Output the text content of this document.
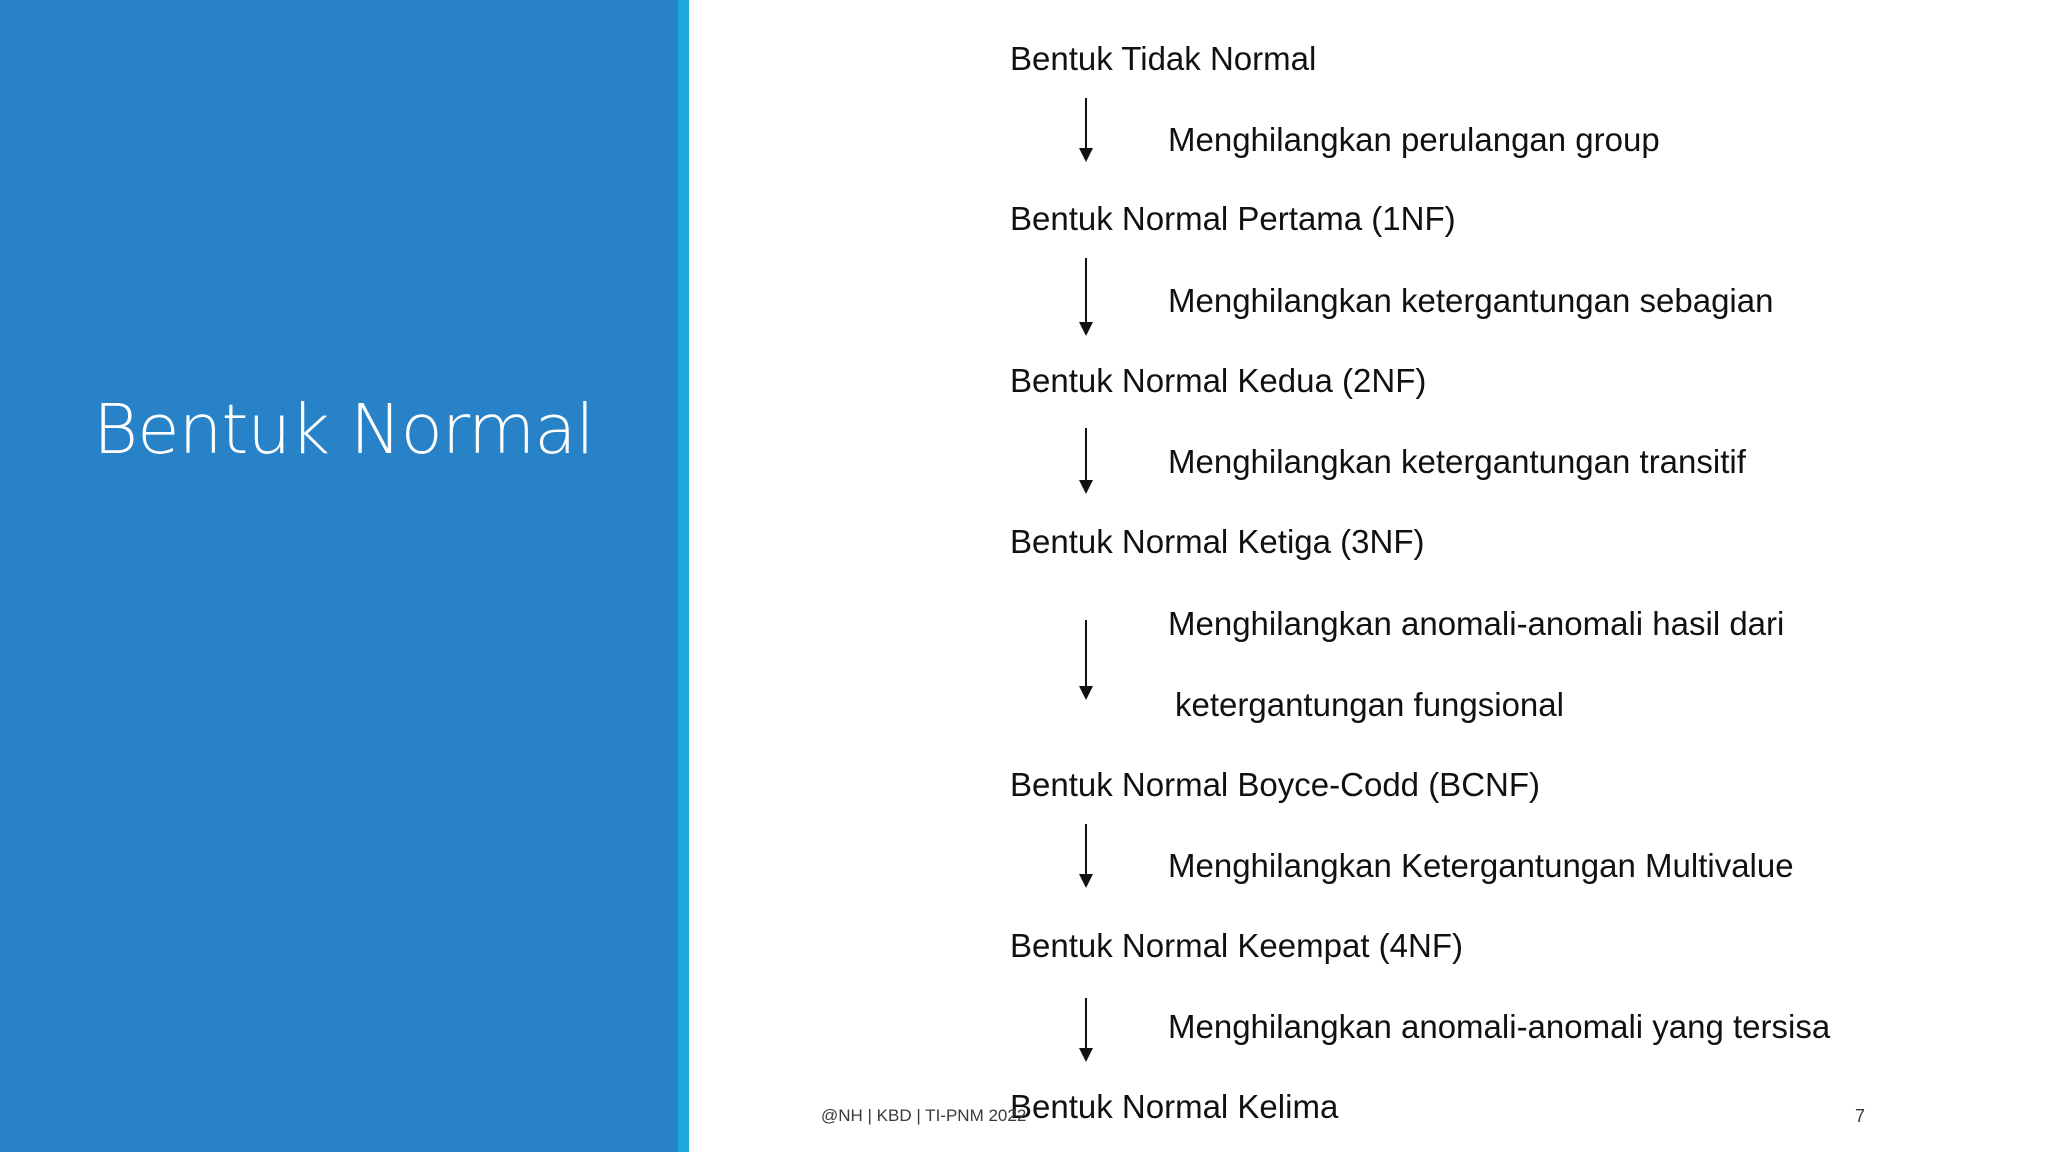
Bentuk Normal
Bentuk Tidak Normal
Bentuk Normal Pertama (1NF)
Bentuk Normal Kedua (2NF)
Bentuk Normal Ketiga (3NF)
Bentuk Normal Boyce-Codd (BCNF)
Bentuk Normal Keempat (4NF)
Bentuk Normal Kelima
Menghilangkan perulangan group
Menghilangkan ketergantungan sebagian
Menghilangkan ketergantungan transitif
Menghilangkan anomali-anomali hasil dari
ketergantungan fungsional
Menghilangkan Ketergantungan Multivalue
Menghilangkan anomali-anomali yang tersisa
@NH | KBD | TI-PNM 2022	7
